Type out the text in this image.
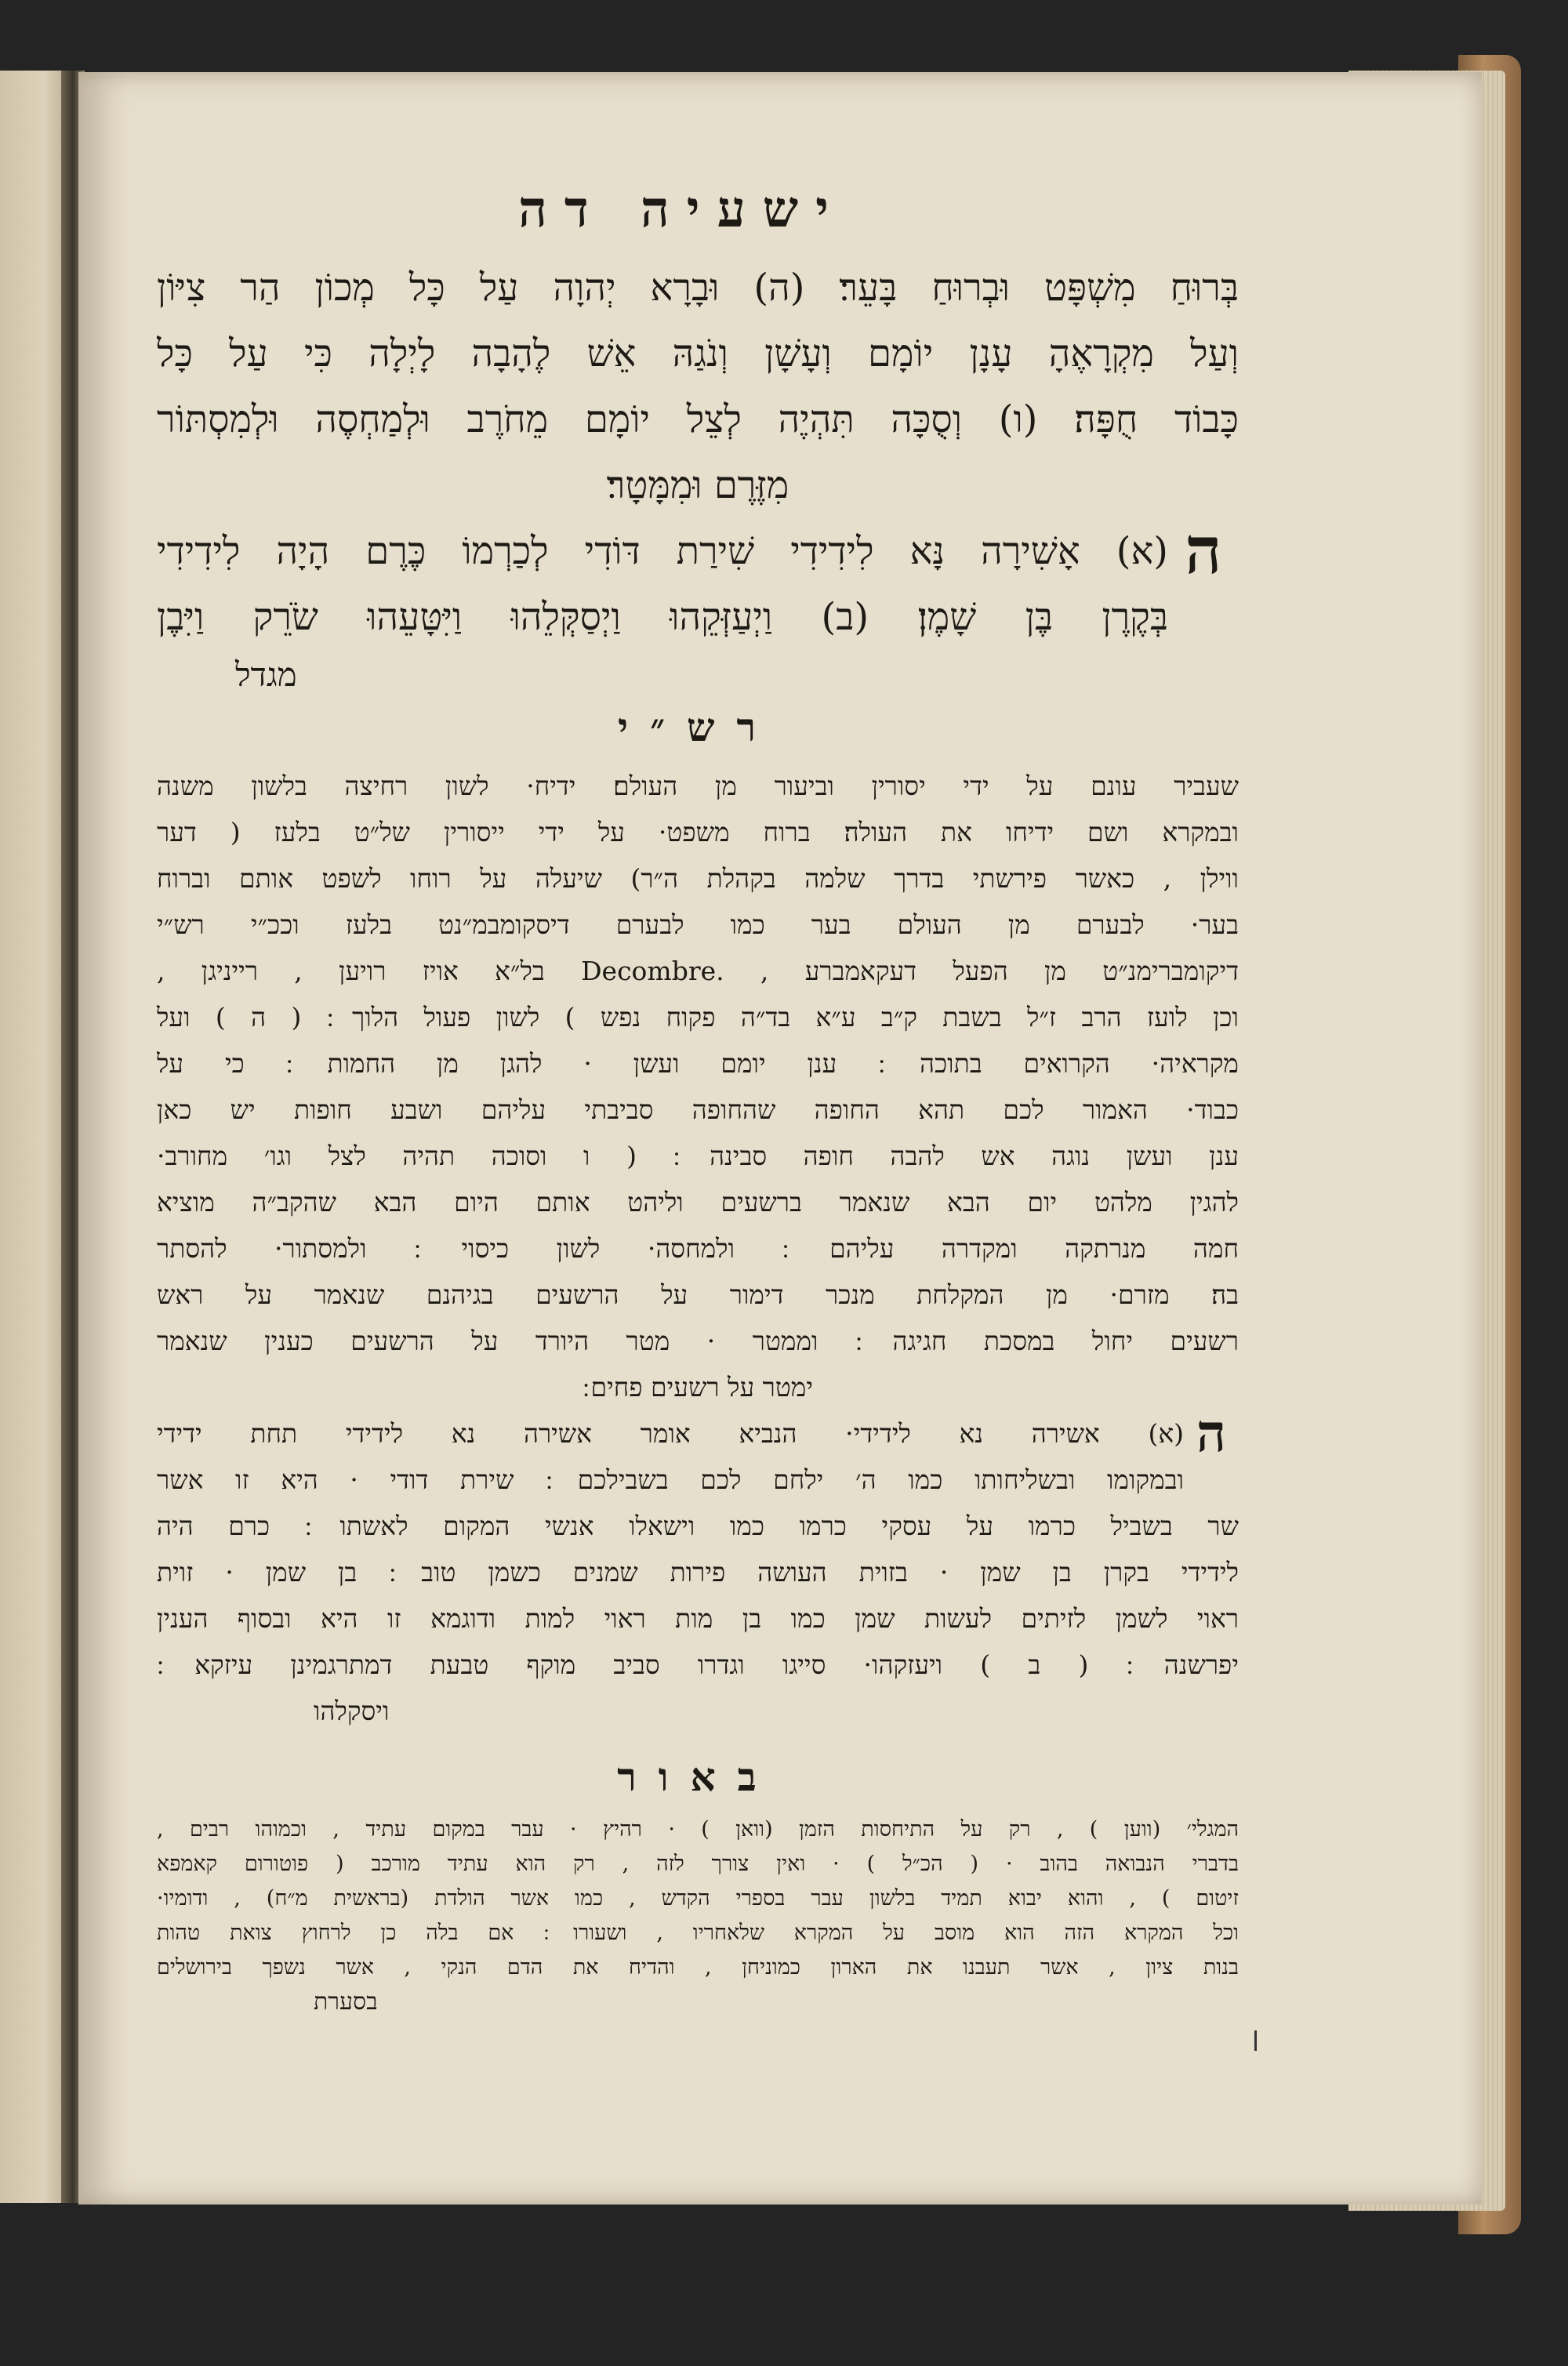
ישעיה דה
בְּרוּחַ מִשְׁפָּט וּבְרוּחַ בָּעֵר׃ (ה) וּבָרָא יְהוָה עַל כָּל מְכוֹן הַר צִיּוֹן
וְעַל מִקְרָאֶהָ עָנָן יוֹמָם וְעָשָׁן וְנֹגַהּ אֵשׁ לֶהָבָה לָיְלָה כִּי עַל כָּל
כָּבוֹד חֻפָּה׃ (ו) וְסֻכָּה תִּהְיֶה לְצֵל יוֹמָם מֵחֹרֶב וּלְמַחְסֶה וּלְמִסְתּוֹר
מִזֶּרֶם וּמִמָּטָר׃
ה
(א) אָשִׁירָה נָּא לִידִידִי שִׁירַת דּוֹדִי לְכַרְמוֹ כֶּרֶם הָיָה לִידִידִי
בְּקֶרֶן בֶּן שָׁמֶן׃ (ב) וַיְעַזְּקֵהוּ וַיְסַקְּלֵהוּ וַיִּטָּעֵהוּ שֹׂרֵק וַיִּבֶן
מגדל
רש״י
שעביר עונם על ידי יסורין וביעור מן העולם׃ ידיח· לשון רחיצה בלשון משנה
ובמקרא ושם ידיחו את העולה׃ ברוח משפט· על ידי ייסורין של״ט בלעז ( דער
ווילן , כאשר פירשתי בדרך שלמה בקהלת ה״ר) שיעלה על רוחו לשפט אותם וברוח
בער· לבערם מן העולם בער כמו לבערם דיסקומבמ״נט בלעז וככ״י רש״י
דיקומברימנ״ט מן הפעל דעקאמברע , .Decombre בל״א אויז רויען , רייניגן ,
וכן לועז הרב ז״ל בשבת ק״ב ע״א בד״ה פקוח נפש ) לשון פעול הלוך ׃ ( ה ) ועל
מקראיה· הקרואים בתוכה ׃ ענן יומם ועשן · להגן מן החמות ׃ כי על
כבוד· האמור לכם תהא החופה שהחופה סביבתי עליהם ושבע חופות יש כאן
ענן ועשן נוגה אש להבה חופה סבינה ׃ ( ו וסוכה תהיה לצל וגו׳ מחורב·
להגין מלהט יום הבא שנאמר ברשעים וליהט אותם היום הבא שהקב״ה מוציא
חמה מנרתקה ומקדרה עליהם ׃ ולמחסה· לשון כיסוי ׃ ולמסתור· להסתר
בה׃ מזרם· מן המקלחת מנכר דימור על הרשעים בגיהנם שנאמר על ראש
רשעים יחול במסכת חגיגה ׃ וממטר · מטר היורד על הרשעים כענין שנאמר
ימטר על רשעים פחים ׃
ה
(א) אשירה נא לידידי· הנביא אומר אשירה נא לידידי תחת ידידי
ובמקומו ובשליחותו כמו ה׳ ילחם לכם בשבילכם ׃ שירת דודי · היא זו אשר
שר בשביל כרמו על עסקי כרמו כמו וישאלו אנשי המקום לאשתו ׃ כרם היה
לידידי בקרן בן שמן · בזוית העושה פירות שמנים כשמן טוב ׃ בן שמן · זוית
ראוי לשמן לזיתים לעשות שמן כמו בן מות ראוי למות ודוגמא זו היא ובסוף הענין
יפרשנה ׃ ( ב ) ויעזקהו· סייגו וגדרו סביב מוקף טבעת דמתרגמינן עיזקא ׃
ויסקלהו
באור
המגלי׳ (ווען ) , רק על התיחסות הזמן (וואן ) · רהיץ · עבר במקום עתיד , וכמוהו רבים ,
בדברי הנבואה בהוב · ( הכ״ל ) · ואין צורך לזה , רק הוא עתיד מורכב ( פוטורום קאמפא
זיטום ) , והוא יבוא תמיד בלשון עבר בספרי הקדש , כמו אשר הולדת (בראשית מ״ח) , ודומיו·
וכל המקרא הזה הוא מוסב על המקרא שלאחריו , ושעורו ׃ אם בלה כן לרחוץ צואת טהות
בנות ציון , אשר תעבנו את הארון כמוניחן , והדיח את הדם הנקי , אשר נשפך בירושלים
בסערת
